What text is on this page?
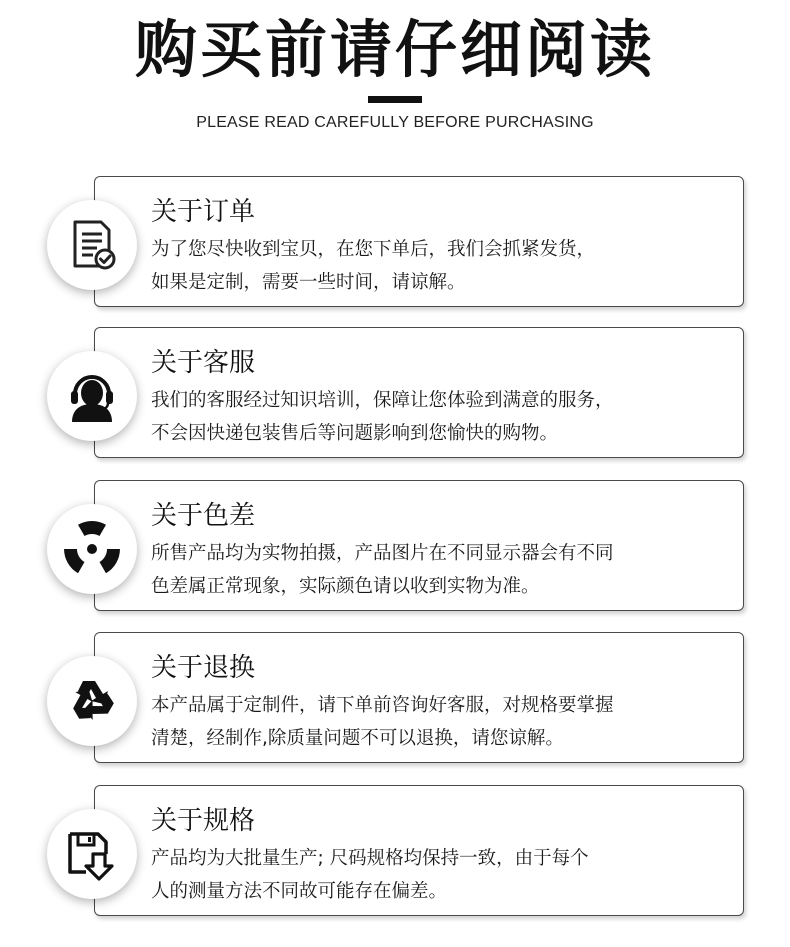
购买前请仔细阅读
PLEASE READ CAREFULLY BEFORE PURCHASING
关于订单
为了您尽快收到宝贝，在您下单后，我们会抓紧发货，
如果是定制，需要一些时间，请谅解。
关于客服
我们的客服经过知识培训，保障让您体验到满意的服务，
不会因快递包装售后等问题影响到您愉快的购物。
关于色差
所售产品均为实物拍摄，产品图片在不同显示器会有不同
色差属正常现象，实际颜色请以收到实物为准。
关于退换
本产品属于定制件，请下单前咨询好客服，对规格要掌握
清楚，经制作,除质量问题不可以退换，请您谅解。
关于规格
产品均为大批量生产; 尺码规格均保持一致，由于每个
人的测量方法不同故可能存在偏差。
